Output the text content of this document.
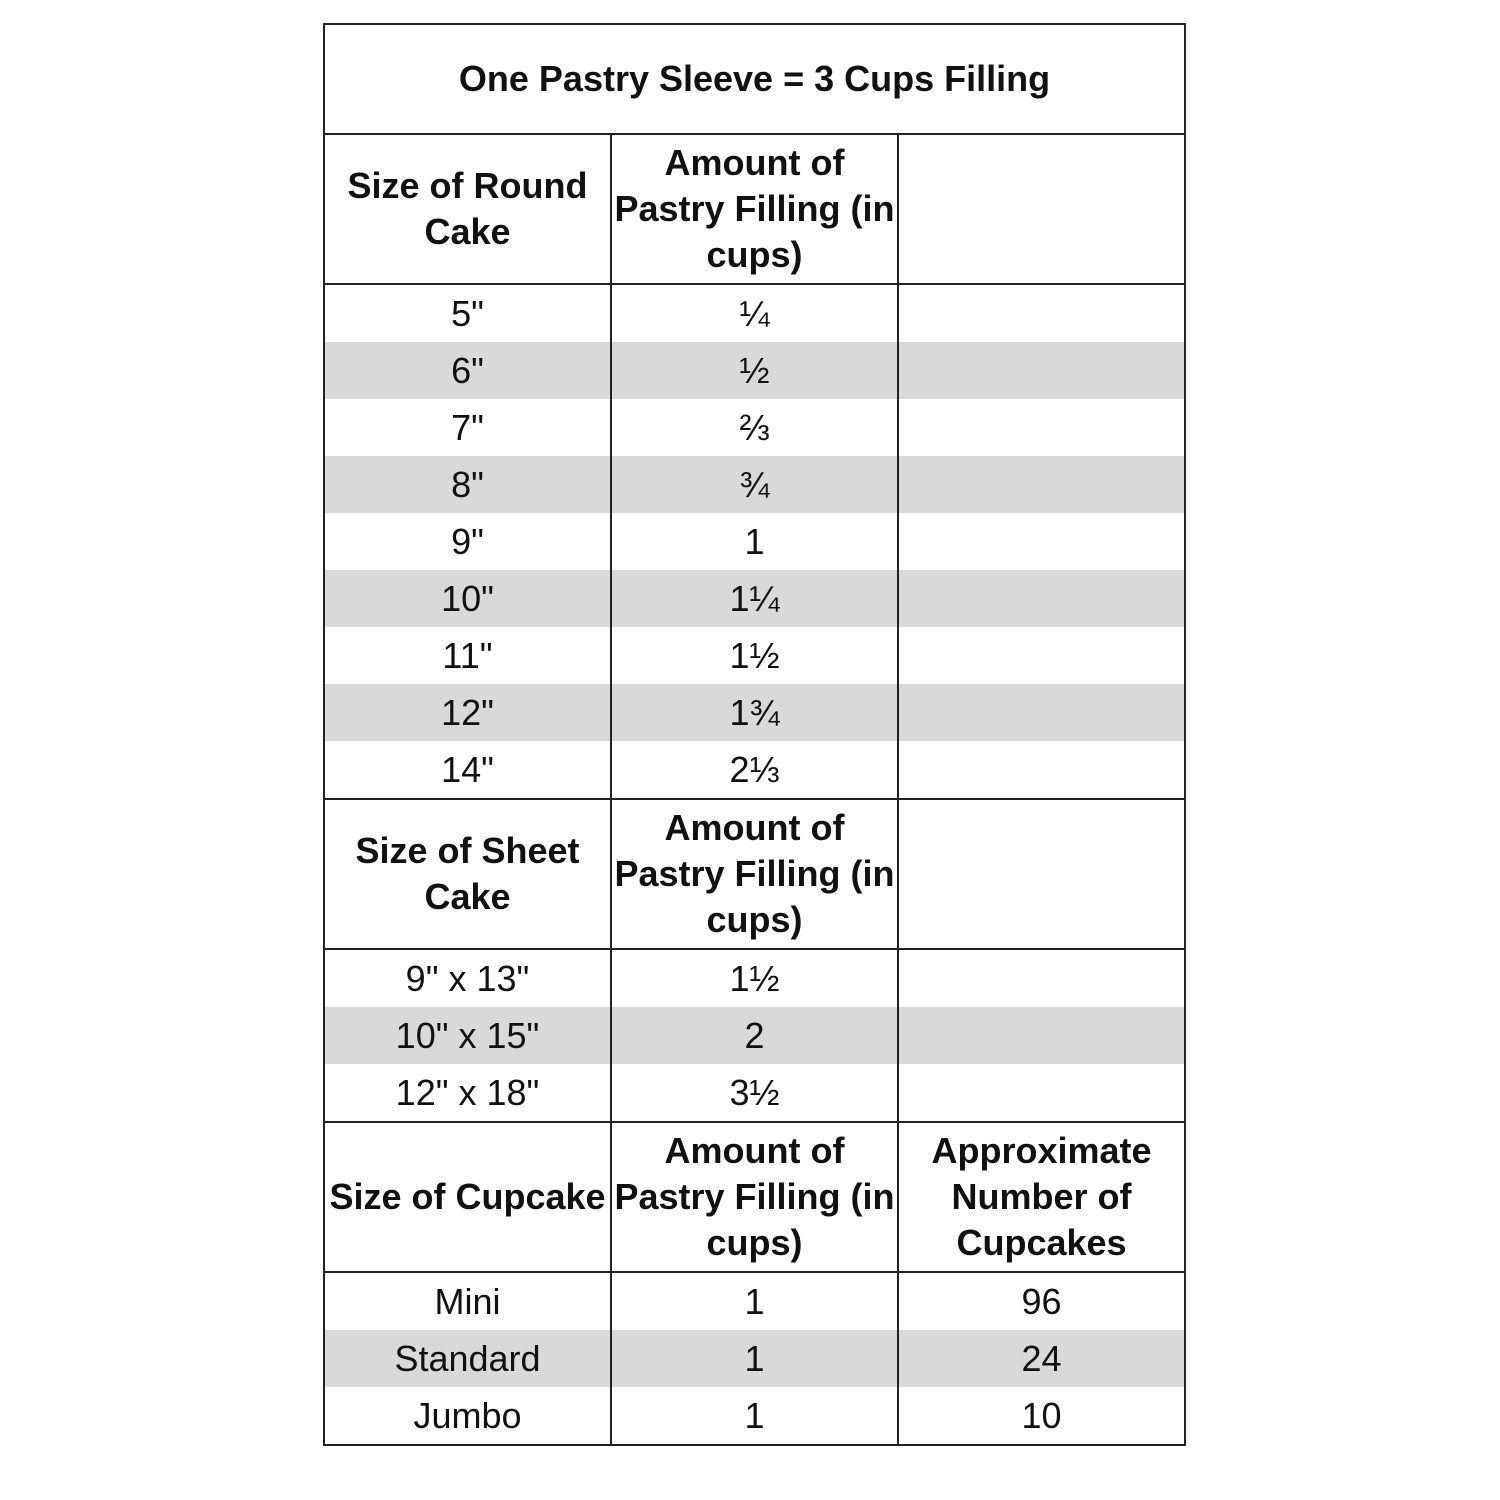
One Pastry Sleeve = 3 Cups Filling		
Size of Round Cake	Amount of Pastry Filling (in cups)	
5"	¼	
6"	½	
7"	⅔	
8"	¾	
9"	1	
10"	1¼	
11"	1½	
12"	1¾	
14"	2⅓	
Size of Sheet Cake	Amount of Pastry Filling (in cups)	
9" x 13"	1½	
10" x 15"	2	
12" x 18"	3½	
Size of Cupcake	Amount of Pastry Filling (in cups)	Approximate Number of Cupcakes
Mini	1	96
Standard	1	24
Jumbo	1	10
